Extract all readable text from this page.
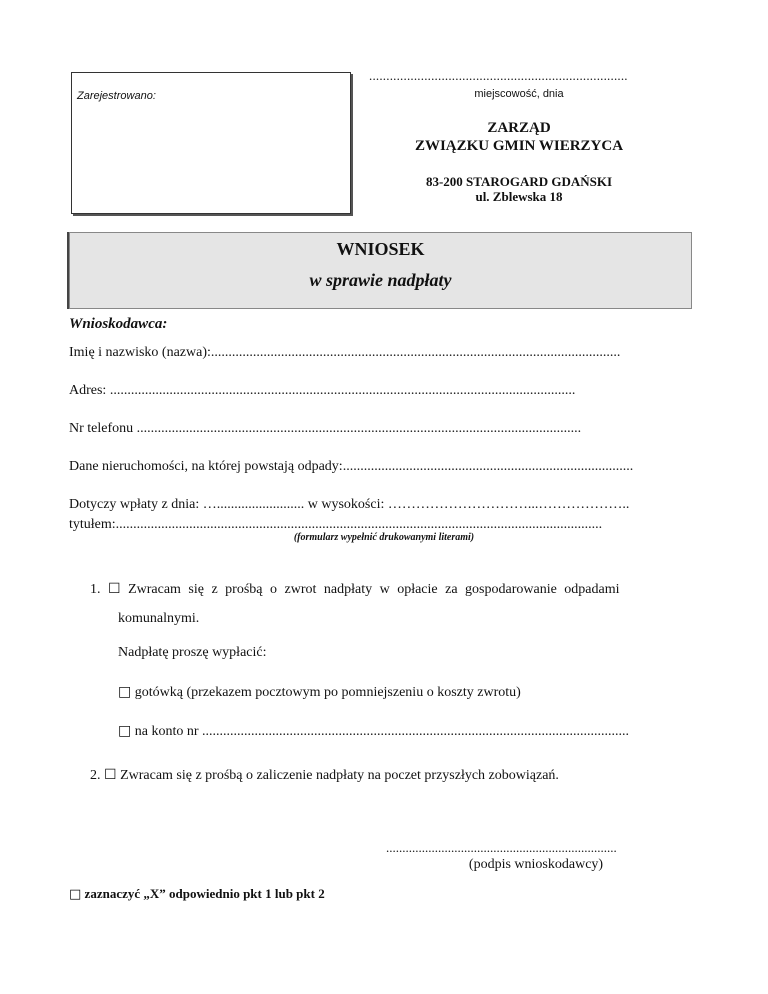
Zarejestrowano:
...........................................................................
miejscowość, dnia
ZARZĄD
ZWIĄZKU GMIN WIERZYCA
83-200 STAROGARD GDAŃSKI
ul. Zblewska 18
WNIOSEK
w sprawie nadpłaty
Wnioskodawca:
Imię i nazwisko (nazwa):.....................................................................................................................
Adres: .....................................................................................................................................
Nr telefonu ...............................................................................................................................
Dane nieruchomości, na której powstają odpady:...................................................................................
Dotyczy wpłaty z dnia: …......................... w wysokości: …………………………...………………..
tytułem:...........................................................................................................................................
(formularz wypełnić drukowanymi literami)
1. ☐ Zwracam się z prośbą o zwrot nadpłaty w opłacie za gospodarowanie odpadami
komunalnymi.
Nadpłatę proszę wypłacić:
□ gotówką (przekazem pocztowym po pomniejszeniu o koszty zwrotu)
□ na konto nr ..........................................................................................................................
2. ☐ Zwracam się z prośbą o zaliczenie nadpłaty na poczet przyszłych zobowiązań.
.......................................................................
(podpis wnioskodawcy)
□ zaznaczyć „X” odpowiednio pkt 1 lub pkt 2
